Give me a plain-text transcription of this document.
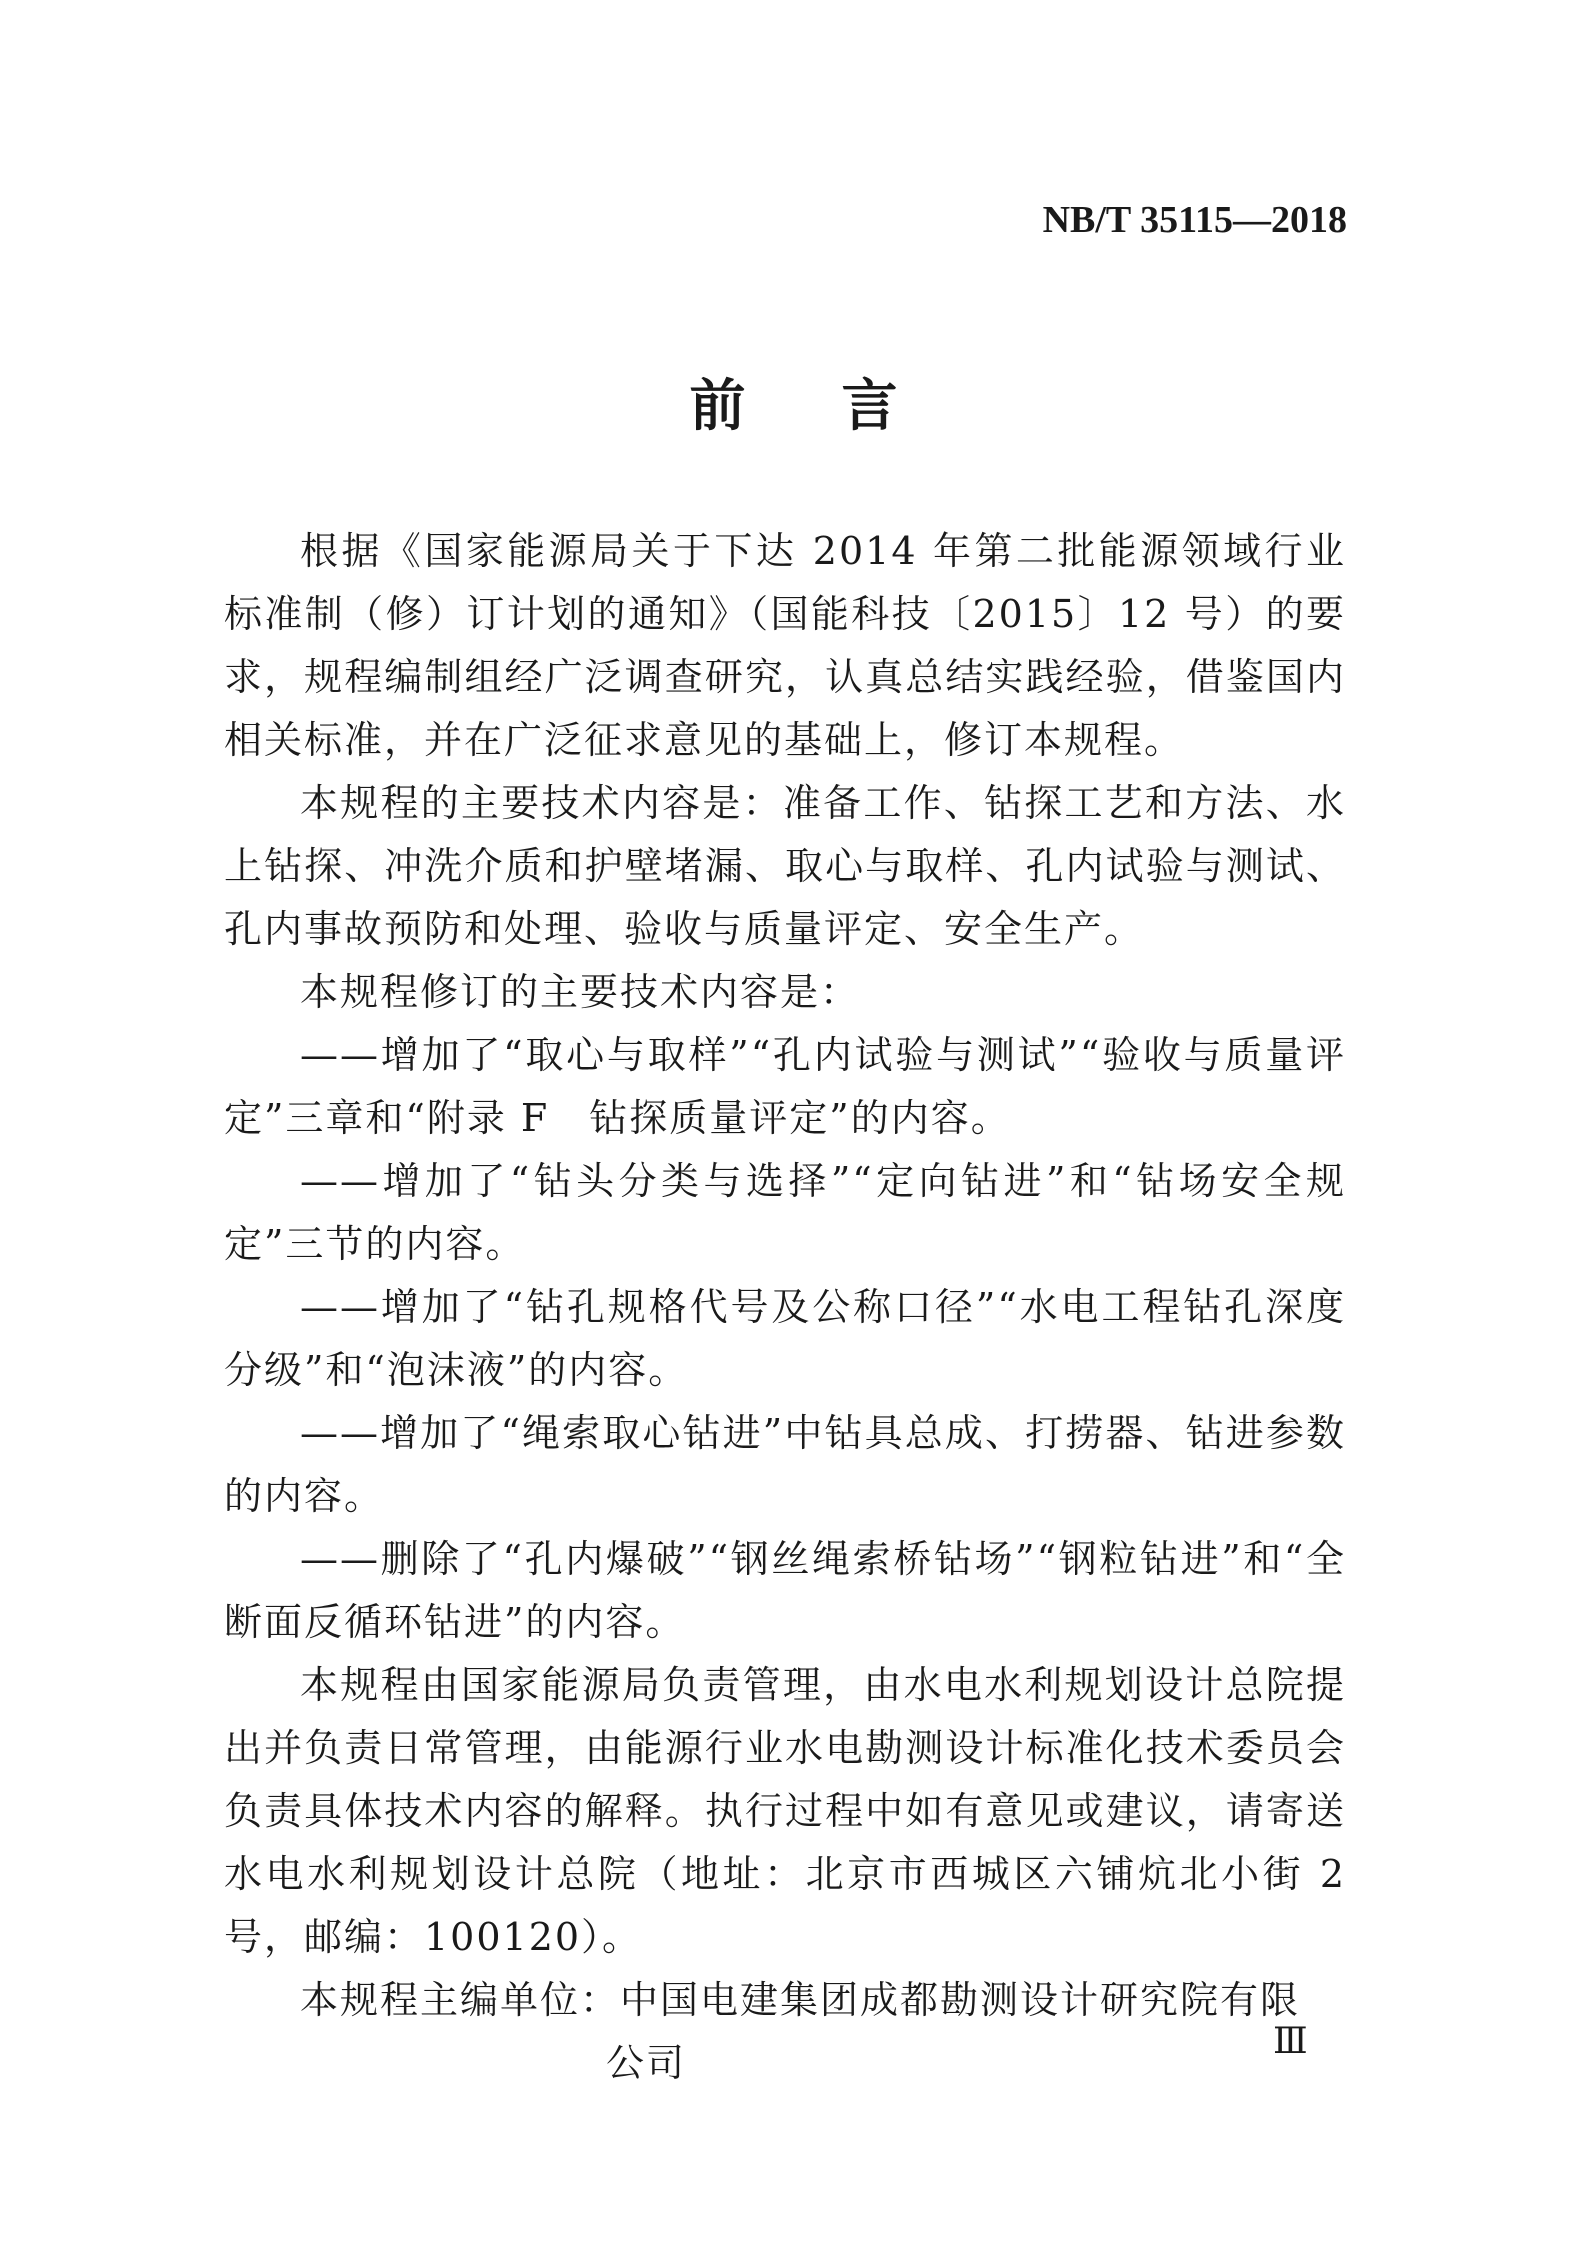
NB/T 35115—2018

前 言

根据《国家能源局关于下达 2014 年第二批能源领域行业标准制（修）订计划的通知》（国能科技〔2015〕12 号）的要求，规程编制组经广泛调查研究，认真总结实践经验，借鉴国内相关标准，并在广泛征求意见的基础上，修订本规程。

本规程的主要技术内容是：准备工作、钻探工艺和方法、水上钻探、冲洗介质和护壁堵漏、取心与取样、孔内试验与测试、孔内事故预防和处理、验收与质量评定、安全生产。

本规程修订的主要技术内容是：

——增加了“取心与取样”“孔内试验与测试”“验收与质量评定”三章和“附录 F　钻探质量评定”的内容。

——增加了“钻头分类与选择”“定向钻进”和“钻场安全规定”三节的内容。

——增加了“钻孔规格代号及公称口径”“水电工程钻孔深度分级”和“泡沫液”的内容。

——增加了“绳索取心钻进”中钻具总成、打捞器、钻进参数的内容。

——删除了“孔内爆破”“钢丝绳索桥钻场”“钢粒钻进”和“全断面反循环钻进”的内容。

本规程由国家能源局负责管理，由水电水利规划设计总院提出并负责日常管理，由能源行业水电勘测设计标准化技术委员会负责具体技术内容的解释。执行过程中如有意见或建议，请寄送水电水利规划设计总院（地址：北京市西城区六铺炕北小街 2 号，邮编：100120）。

本规程主编单位：中国电建集团成都勘测设计研究院有限

公司	Ⅲ
